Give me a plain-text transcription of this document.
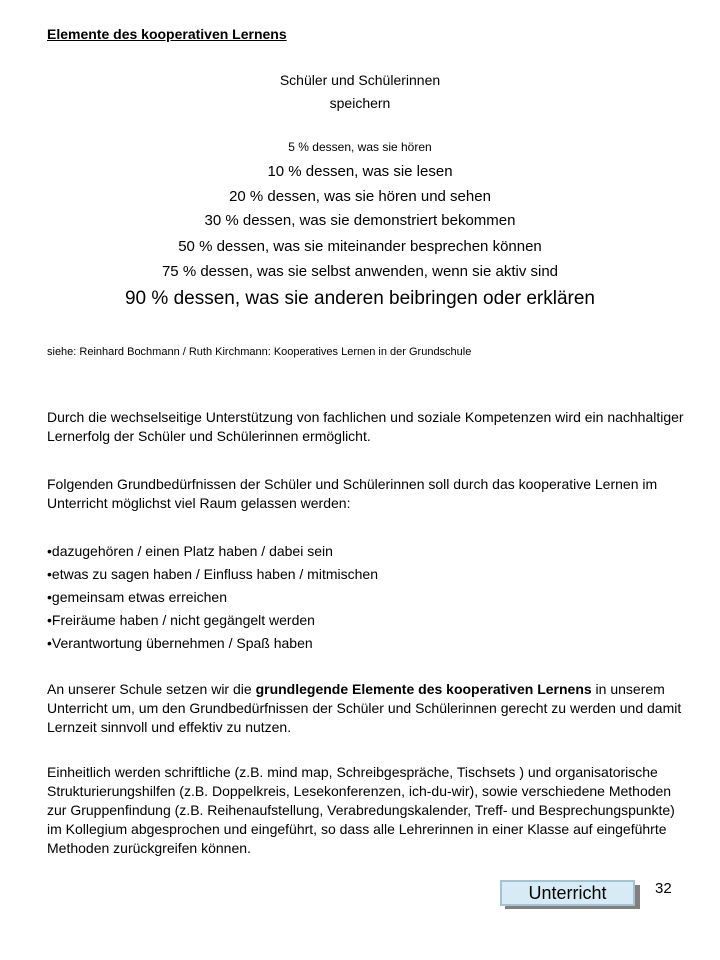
Elemente des kooperativen Lernens
Schüler und Schülerinnen
speichern
5 % dessen, was sie hören
10 % dessen, was sie lesen
20 % dessen, was sie hören und sehen
30 % dessen, was sie demonstriert bekommen
50 % dessen, was sie miteinander besprechen können
75 % dessen, was sie selbst anwenden, wenn sie aktiv sind
90 % dessen, was sie anderen beibringen oder erklären
siehe: Reinhard Bochmann / Ruth Kirchmann: Kooperatives Lernen in der Grundschule
Durch die wechselseitige Unterstützung von fachlichen und soziale Kompetenzen wird ein nachhaltiger Lernerfolg der Schüler und Schülerinnen ermöglicht.
Folgenden Grundbedürfnissen der Schüler und Schülerinnen soll durch das kooperative Lernen im Unterricht möglichst viel Raum gelassen werden:
•dazugehören / einen Platz haben / dabei sein
•etwas zu sagen haben / Einfluss haben / mitmischen
•gemeinsam etwas erreichen
•Freiräume haben / nicht gegängelt werden
•Verantwortung übernehmen / Spaß haben
An unserer Schule setzen wir die grundlegende Elemente des kooperativen Lernens in unserem Unterricht um, um den Grundbedürfnissen der Schüler und Schülerinnen gerecht zu werden und damit Lernzeit sinnvoll und effektiv zu nutzen.
Einheitlich werden schriftliche (z.B. mind map, Schreibgespräche, Tischsets ) und organisatorische Strukturierungshilfen (z.B. Doppelkreis, Lesekonferenzen, ich-du-wir), sowie verschiedene Methoden zur Gruppenfindung (z.B. Reihenaufstellung, Verabredungskalender, Treff- und Besprechungspunkte) im Kollegium abgesprochen und eingeführt, so dass alle Lehrerinnen in einer Klasse auf eingeführte Methoden zurückgreifen können.
Unterricht	32
